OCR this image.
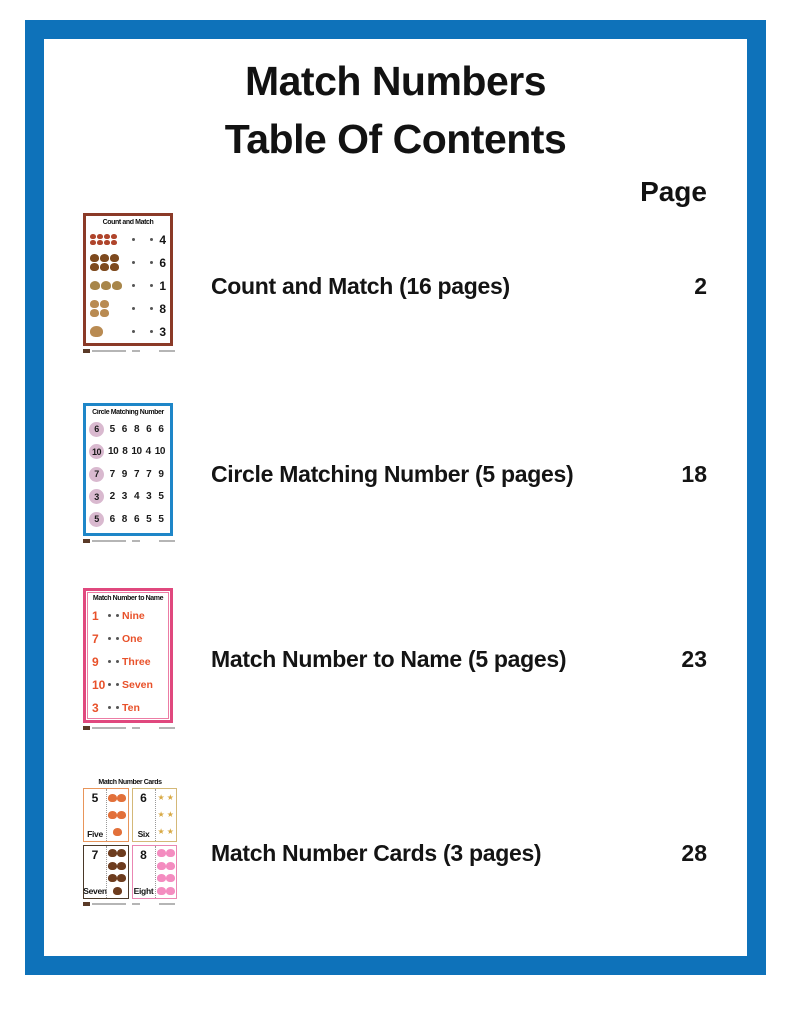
Match Numbers
Table Of Contents
Page
Count and Match
4
6
1
8
3
Count and Match (16 pages)	2
Circle Matching Number
6	5 6 8 6 6
10 10 8 10 4 10
7	7 9 7 7 9
3	2 3 4 3 5
5	6 8 6 5 5
Circle Matching Number (5 pages)	18
Match Number to Name
1	Nine
7	One
9	Three
10 Seven
3	Ten
Match Number to Name (5 pages)	23
Match Number Cards
5
Five
6
Six
★ ★
★ ★
★ ★
7
Seven
8
Eight
Match Number Cards (3 pages)	28
